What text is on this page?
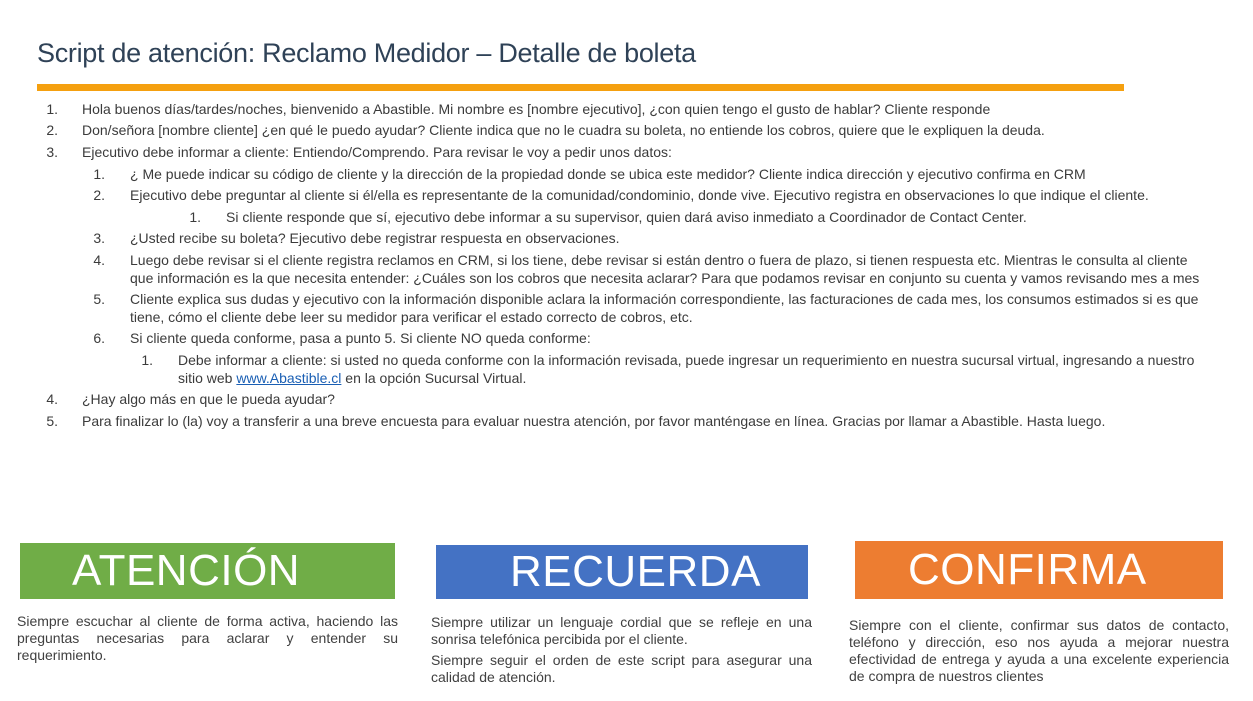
Script de atención: Reclamo Medidor – Detalle de boleta
1. Hola buenos días/tardes/noches, bienvenido a Abastible. Mi nombre es [nombre ejecutivo], ¿con quien tengo el gusto de hablar? Cliente responde
2. Don/señora [nombre cliente] ¿en qué le puedo ayudar? Cliente indica que no le cuadra su boleta, no entiende los cobros, quiere que le expliquen la deuda.
3. Ejecutivo debe informar a cliente: Entiendo/Comprendo. Para revisar le voy a pedir unos datos:
1. ¿ Me puede indicar su código de cliente y la dirección de la propiedad donde se ubica este medidor? Cliente indica dirección y ejecutivo confirma en CRM
2. Ejecutivo debe preguntar al cliente si él/ella es representante de la comunidad/condominio, donde vive. Ejecutivo registra en observaciones lo que indique el cliente.
1. Si cliente responde que sí, ejecutivo debe informar a su supervisor, quien dará aviso inmediato a Coordinador de Contact Center.
3. ¿Usted recibe su boleta? Ejecutivo debe registrar respuesta en observaciones.
4. Luego debe revisar si el cliente registra reclamos en CRM, si los tiene, debe revisar si están dentro o fuera de plazo, si tienen respuesta etc. Mientras le consulta al cliente
que información es la que necesita entender: ¿Cuáles son los cobros que necesita aclarar? Para que podamos revisar en conjunto su cuenta y vamos revisando mes a mes
5. Cliente explica sus dudas y ejecutivo con la información disponible aclara la información correspondiente, las facturaciones de cada mes, los consumos estimados si es que
tiene, cómo el cliente debe leer su medidor para verificar el estado correcto de cobros, etc.
6. Si cliente queda conforme, pasa a punto 5. Si cliente NO queda conforme:
1. Debe informar a cliente: si usted no queda conforme con la información revisada, puede ingresar un requerimiento en nuestra sucursal virtual, ingresando a nuestro
sitio web www.Abastible.cl en la opción Sucursal Virtual.
4. ¿Hay algo más en que le pueda ayudar?
5. Para finalizar lo (la) voy a transferir a una breve encuesta para evaluar nuestra atención, por favor manténgase en línea. Gracias por llamar a Abastible. Hasta luego.
ATENCIÓN

Siempre escuchar al cliente de forma activa, haciendo las preguntas necesarias para aclarar y entender su requerimiento.

RECUERDA

Siempre utilizar un lenguaje cordial que se refleje en una sonrisa telefónica percibida por el cliente.

Siempre seguir el orden de este script para asegurar una calidad de atención.

CONFIRMA

Siempre con el cliente, confirmar sus datos de contacto, teléfono y dirección, eso nos ayuda a mejorar nuestra efectividad de entrega y ayuda a una excelente experiencia de compra de nuestros clientes
